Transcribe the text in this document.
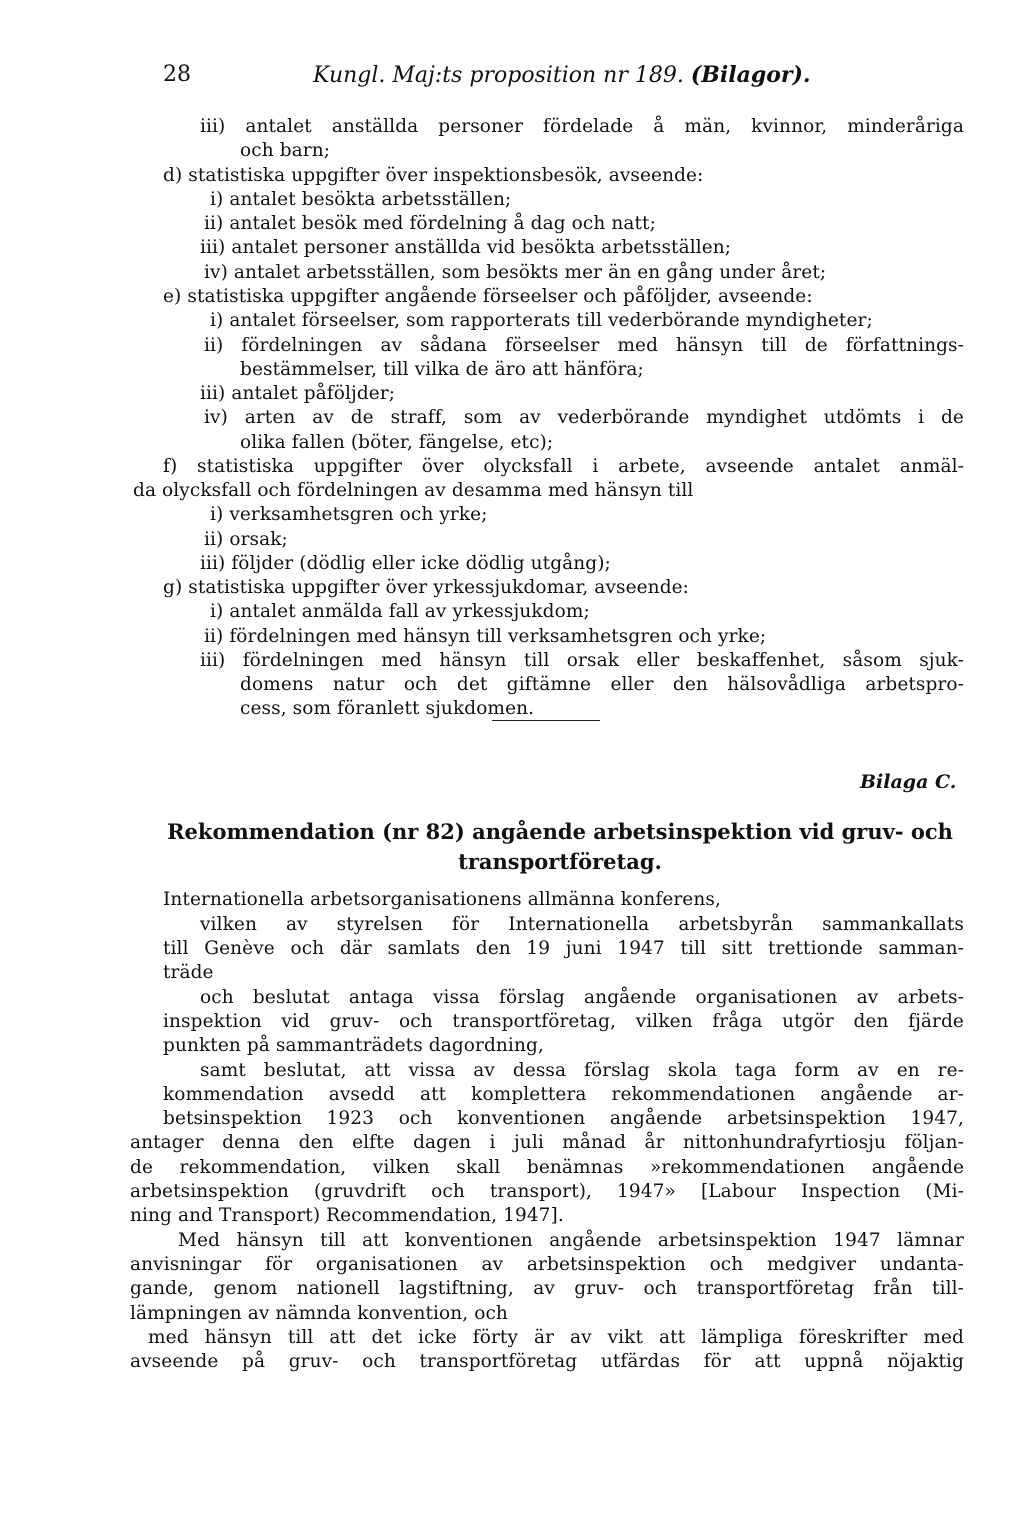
28	Kungl. Maj:ts proposition nr 189. (Bilagor).
iii) antalet anställda personer fördelade å män, kvinnor, minderåriga
och barn;
d) statistiska uppgifter över inspektionsbesök, avseende:
i) antalet besökta arbetsställen;
ii) antalet besök med fördelning å dag och natt;
iii) antalet personer anställda vid besökta arbetsställen;
iv) antalet arbetsställen, som besökts mer än en gång under året;
e) statistiska uppgifter angående förseelser och påföljder, avseende:
i) antalet förseelser, som rapporterats till vederbörande myndigheter;
ii) fördelningen av sådana förseelser med hänsyn till de författnings-
bestämmelser, till vilka de äro att hänföra;
iii) antalet påföljder;
iv) arten av de straff, som av vederbörande myndighet utdömts i de
olika fallen (böter, fängelse, etc);
f) statistiska uppgifter över olycksfall i arbete, avseende antalet anmäl-
da olycksfall och fördelningen av desamma med hänsyn till
i) verksamhetsgren och yrke;
ii) orsak;
iii) följder (dödlig eller icke dödlig utgång);
g) statistiska uppgifter över yrkessjukdomar, avseende:
i) antalet anmälda fall av yrkessjukdom;
ii) fördelningen med hänsyn till verksamhetsgren och yrke;
iii) fördelningen med hänsyn till orsak eller beskaffenhet, såsom sjuk-
domens natur och det giftämne eller den hälsovådliga arbetspro-
cess, som föranlett sjukdomen.
Bilaga C.
Rekommendation (nr 82) angående arbetsinspektion vid gruv- och
transportföretag.
Internationella arbetsorganisationens allmänna konferens,
vilken av styrelsen för Internationella arbetsbyrån sammankallats
till Genève och där samlats den 19 juni 1947 till sitt trettionde samman-
träde
och beslutat antaga vissa förslag angående organisationen av arbets-
inspektion vid gruv- och transportföretag, vilken fråga utgör den fjärde
punkten på sammanträdets dagordning,
samt beslutat, att vissa av dessa förslag skola taga form av en re-
kommendation avsedd att komplettera rekommendationen angående ar-
betsinspektion 1923 och konventionen angående arbetsinspektion 1947,
antager denna den elfte dagen i juli månad år nittonhundrafyrtiosju följan-
de rekommendation, vilken skall benämnas »rekommendationen angående
arbetsinspektion (gruvdrift och transport), 1947» [Labour Inspection (Mi-
ning and Transport) Recommendation, 1947].
Med hänsyn till att konventionen angående arbetsinspektion 1947 lämnar
anvisningar för organisationen av arbetsinspektion och medgiver undanta-
gande, genom nationell lagstiftning, av gruv- och transportföretag från till-
lämpningen av nämnda konvention, och
med hänsyn till att det icke förty är av vikt att lämpliga föreskrifter med
avseende på gruv- och transportföretag utfärdas för att uppnå nöjaktig
